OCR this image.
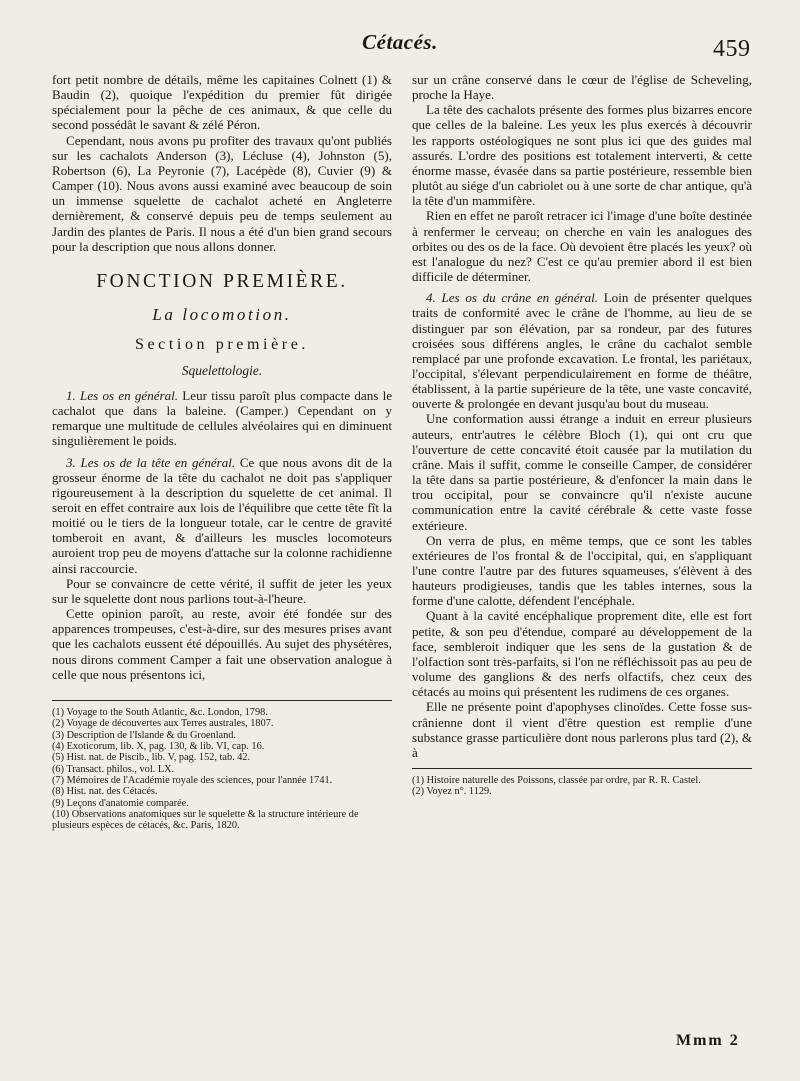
Cétacés.	459

fort petit nombre de détails, même les capitaines Colnett (1) & Baudin (2), quoique l'expédition du premier fût dirigée spécialement pour la pêche de ces animaux, & que celle du second possédât le savant & zélé Péron.

Cependant, nous avons pu profiter des travaux qu'ont publiés sur les cachalots Anderson (3), Lécluse (4), Johnston (5), Robertson (6), La Peyronie (7), Lacépède (8), Cuvier (9) & Camper (10). Nous avons aussi examiné avec beaucoup de soin un immense squelette de cachalot acheté en Angleterre dernièrement, & conservé depuis peu de temps seulement au Jardin des plantes de Paris. Il nous a été d'un bien grand secours pour la description que nous allons donner.

FONCTION PREMIÈRE.
La locomotion.
Section première.
Squelettologie.

1. Les os en général. Leur tissu paroît plus compacte dans le cachalot que dans la baleine. (Camper.) Cependant on y remarque une multitude de cellules alvéolaires qui en diminuent singulièrement le poids.

3. Les os de la tête en général. Ce que nous avons dit de la grosseur énorme de la tête du cachalot ne doit pas s'appliquer rigoureusement à la description du squelette de cet animal. Il seroit en effet contraire aux lois de l'équilibre que cette tête fît la moitié ou le tiers de la longueur totale, car le centre de gravité tomberoit en avant, & d'ailleurs les muscles locomoteurs auroient trop peu de moyens d'attache sur la colonne rachidienne ainsi raccourcie.

Pour se convaincre de cette vérité, il suffit de jeter les yeux sur le squelette dont nous parlions tout-à-l'heure.

Cette opinion paroît, au reste, avoir été fondée sur des apparences trompeuses, c'est-à-dire, sur des mesures prises avant que les cachalots eussent été dépouillés. Au sujet des physétères, nous dirons comment Camper a fait une observation analogue à celle que nous présentons ici,

(1) Voyage to the South Atlantic, &c. London, 1798.
(2) Voyage de découvertes aux Terres australes, 1807.
(3) Description de l'Islande & du Groenland.
(4) Exoticorum, lib. X, pag. 130, & lib. VI, cap. 16.
(5) Hist. nat. de Piscib., lib. V, pag. 152, tab. 42.
(6) Transact. philos., vol. LX.
(7) Mémoires de l'Académie royale des sciences, pour l'année 1741.
(8) Hist. nat. des Cétacés.
(9) Leçons d'anatomie comparée.
(10) Observations anatomiques sur le squelette & la structure intérieure de plusieurs espèces de cétacés, &c. Paris, 1820.

sur un crâne conservé dans le cœur de l'église de Scheveling, proche la Haye.

La tête des cachalots présente des formes plus bizarres encore que celles de la baleine. Les yeux les plus exercés à découvrir les rapports ostéologiques ne sont plus ici que des guides mal assurés. L'ordre des positions est totalement interverti, & cette énorme masse, évasée dans sa partie postérieure, ressemble bien plutôt au siége d'un cabriolet ou à une sorte de char antique, qu'à la tête d'un mammifère.

Rien en effet ne paroît retracer ici l'image d'une boîte destinée à renfermer le cerveau; on cherche en vain les analogues des orbites ou des os de la face. Où devoient être placés les yeux? où est l'analogue du nez? C'est ce qu'au premier abord il est bien difficile de déterminer.

4. Les os du crâne en général. Loin de présenter quelques traits de conformité avec le crâne de l'homme, au lieu de se distinguer par son élévation, par sa rondeur, par des futures croisées sous différens angles, le crâne du cachalot semble remplacé par une profonde excavation. Le frontal, les pariétaux, l'occipital, s'élevant perpendiculairement en forme de théâtre, établissent, à la partie supérieure de la tête, une vaste concavité, ouverte & prolongée en devant jusqu'au bout du museau.

Une conformation aussi étrange a induit en erreur plusieurs auteurs, entr'autres le célèbre Bloch (1), qui ont cru que l'ouverture de cette concavité étoit causée par la mutilation du crâne. Mais il suffit, comme le conseille Camper, de considérer la tête dans sa partie postérieure, & d'enfoncer la main dans le trou occipital, pour se convaincre qu'il n'existe aucune communication entre la cavité cérébrale & cette vaste fosse extérieure.

On verra de plus, en même temps, que ce sont les tables extérieures de l'os frontal & de l'occipital, qui, en s'appliquant l'une contre l'autre par des futures squameuses, s'élèvent à des hauteurs prodigieuses, tandis que les tables internes, sous la forme d'une calotte, défendent l'encéphale.

Quant à la cavité encéphalique proprement dite, elle est fort petite, & son peu d'étendue, comparé au développement de la face, sembleroit indiquer que les sens de la gustation & de l'olfaction sont très-parfaits, si l'on ne réfléchissoit pas au peu de volume des ganglions & des nerfs olfactifs, chez ceux des cétacés au moins qui présentent les rudimens de ces organes.

Elle ne présente point d'apophyses clinoïdes. Cette fosse sus-crânienne dont il vient d'être question est remplie d'une substance grasse particulière dont nous parlerons plus tard (2), & à

(1) Histoire naturelle des Poissons, classée par ordre, par R. R. Castel.
(2) Voyez n°. 1129.
Mmm 2
